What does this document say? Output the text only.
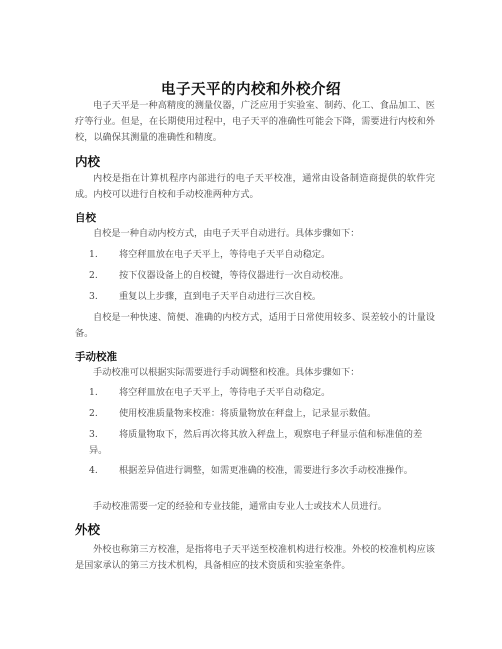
电子天平的内校和外校介绍

电子天平是一种高精度的测量仪器，广泛应用于实验室、制药、化工、食品加工、医疗等行业。但是，在长期使用过程中，电子天平的准确性可能会下降，需要进行内校和外校，以确保其测量的准确性和精度。

内校

内校是指在计算机程序内部进行的电子天平校准，通常由设备制造商提供的软件完成。内校可以进行自校和手动校准两种方式。

自校

自校是一种自动内校方式，由电子天平自动进行。具体步骤如下：

1. 将空秤皿放在电子天平上，等待电子天平自动稳定。
2. 按下仪器设备上的自校键，等待仪器进行一次自动校准。
3. 重复以上步骤，直到电子天平自动进行三次自校。

自校是一种快速、简便、准确的内校方式，适用于日常使用较多、误差较小的计量设备。

手动校准

手动校准可以根据实际需要进行手动调整和校准。具体步骤如下：

1. 将空秤皿放在电子天平上，等待电子天平自动稳定。
2. 使用校准质量物来校准：将质量物放在秤盘上，记录显示数值。
3. 将质量物取下，然后再次将其放入秤盘上，观察电子秤显示值和标准值的差异。
4. 根据差异值进行调整，如需更准确的校准，需要进行多次手动校准操作。

手动校准需要一定的经验和专业技能，通常由专业人士或技术人员进行。

外校

外校也称第三方校准，是指将电子天平送至校准机构进行校准。外校的校准机构应该是国家承认的第三方技术机构，具备相应的技术资质和实验室条件。
